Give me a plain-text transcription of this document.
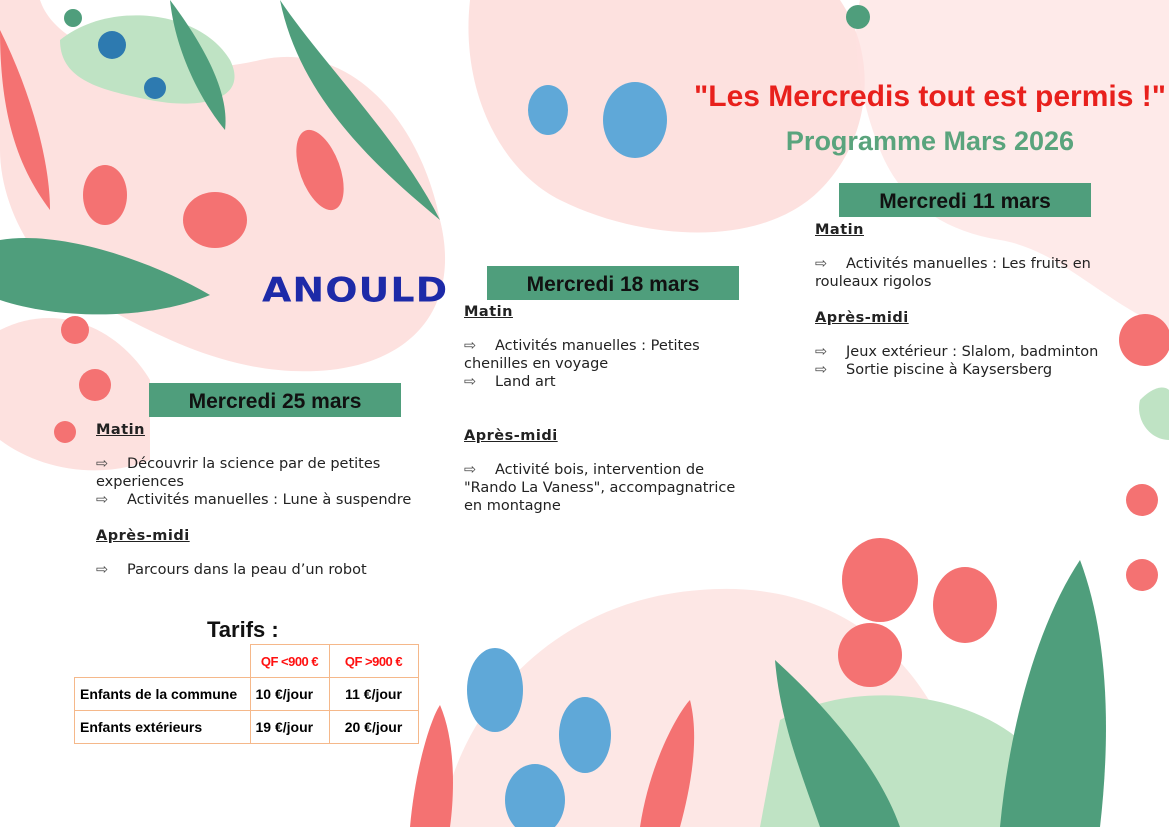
"Les Mercredis tout est permis !"
Programme Mars 2026
ANOULD
Mercredi 11 mars

Matin

⇨ Activités manuelles : Les fruits en rouleaux rigolos

Après-midi

⇨ Jeux extérieur : Slalom, badminton

⇨ Sortie piscine à Kaysersberg

Mercredi 18 mars

Matin

⇨ Activités manuelles : Petites chenilles en voyage

⇨ Land art

Après-midi

⇨ Activité bois, intervention de "Rando La Vaness", accompagnatrice en montagne

Mercredi 25 mars

Matin

⇨ Découvrir la science par de petites experiences

⇨ Activités manuelles : Lune à suspendre

Après-midi

⇨ Parcours dans la peau d’un robot

Tarifs :
	QF <900 €	QF >900 €
Enfants de la commune	10 €/jour	11 €/jour
Enfants extérieurs	19 €/jour	20 €/jour
